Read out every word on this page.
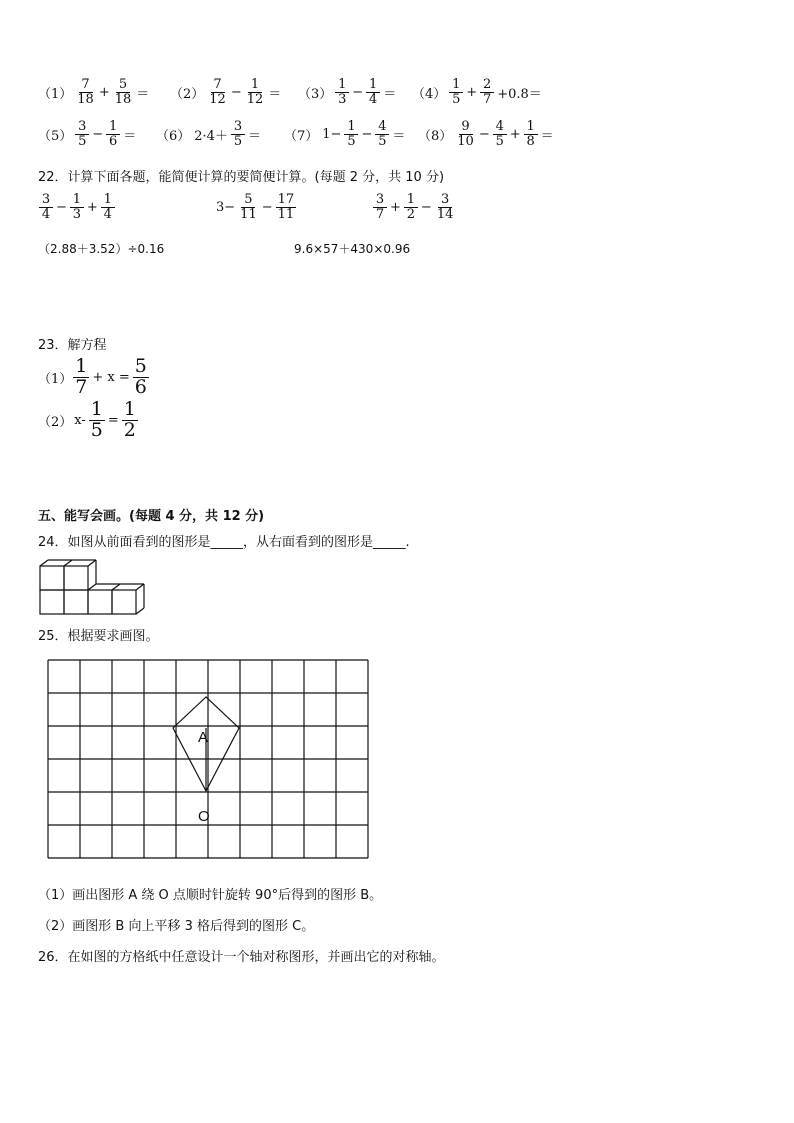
$(1) \frac{7}{18} + \frac{5}{18} = (2) \frac{7}{12} - \frac{1}{12} = (3) \frac{1}{3} - \frac{1}{4} = (4) \frac{1}{5} + \frac{2}{7} +0.8=$
$(5) \frac{3}{5} - \frac{1}{6} = (6)$ $2\cdot 4+ \frac{3}{5} = (7)$ $1- \frac{1}{5} - \frac{4}{5} = (8) \frac{9}{10} - \frac{4}{5} + \frac{1}{8}$ ＝
22．计算下面各题，能简便计算的要简便计算。(每题 2 分，共 10 分)
$\frac{3}{4} - \frac{1}{3} + \frac{1}{4}$	$3- \frac{5}{11} - \frac{17}{11}$	$\frac{3}{7} + \frac{1}{2} - \frac{3}{14}$
（2.88＋3.52）÷0.16	9.6×57＋430×0.96
23．解方程
$(1) \frac{1}{7} + x = \frac{5}{6}$
（2） $x- \frac{1}{5} = \frac{1}{2}$
五、能写会画。(每题 4 分，共 12 分)
24．如图从前面看到的图形是_____，从右面看到的图形是_____.
25．根据要求画图。
A
O
（1）画出图形 A 绕 O 点顺时针旋转 90°后得到的图形 B。
（2）画图形 B 向上平移 3 格后得到的图形 C。
26．在如图的方格纸中任意设计一个轴对称图形，并画出它的对称轴。
